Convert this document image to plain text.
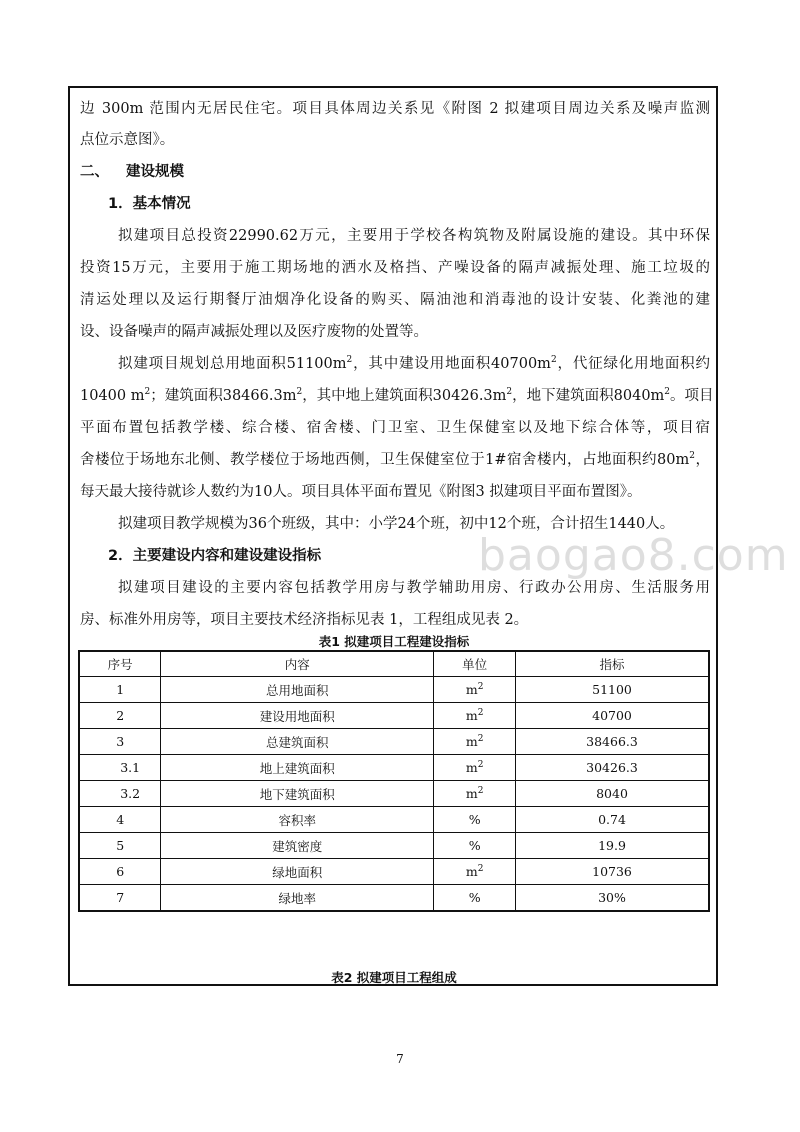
边 300m 范围内无居民住宅。项目具体周边关系见《附图 2 拟建项目周边关系及噪声监测
点位示意图》。
二、 建设规模
1．基本情况
拟建项目总投资22990.62万元，主要用于学校各构筑物及附属设施的建设。其中环保
投资15万元，主要用于施工期场地的洒水及格挡、产噪设备的隔声减振处理、施工垃圾的
清运处理以及运行期餐厅油烟净化设备的购买、隔油池和消毒池的设计安装、化粪池的建
设、设备噪声的隔声减振处理以及医疗废物的处置等。
拟建项目规划总用地面积$51100m^2$，其中建设用地面积$40700m^2$，代征绿化用地面积约
10400 $m^2$；建筑面积$38466.3m^2$，其中地上建筑面积$30426.3m^2$，地下建筑面积$8040m^2$。项目
平面布置包括教学楼、综合楼、宿舍楼、门卫室、卫生保健室以及地下综合体等，项目宿
舍楼位于场地东北侧、教学楼位于场地西侧，卫生保健室位于1#宿舍楼内，占地面积约$80m^2$，
每天最大接待就诊人数约为10人。项目具体平面布置见《附图3 拟建项目平面布置图》。
拟建项目教学规模为36个班级，其中：小学24个班，初中12个班，合计招生1440人。
2．主要建设内容和建设建设指标
拟建项目建设的主要内容包括教学用房与教学辅助用房、行政办公用房、生活服务用
房、标准外用房等，项目主要技术经济指标见表 1，工程组成见表 2。
baogao8.com
表1 拟建项目工程建设指标
序号	内容	单位	指标
1	总用地面积	$m^2$	51100
2	建设用地面积	$m^2$	40700
3	总建筑面积	$m^2$	38466.3
3.1	地上建筑面积	$m^2$	30426.3
3.2	地下建筑面积	$m^2$	8040
4	容积率	%	0.74
5	建筑密度	%	19.9
6	绿地面积	$m^2$	10736
7	绿地率	%	30%
表2 拟建项目工程组成
7
